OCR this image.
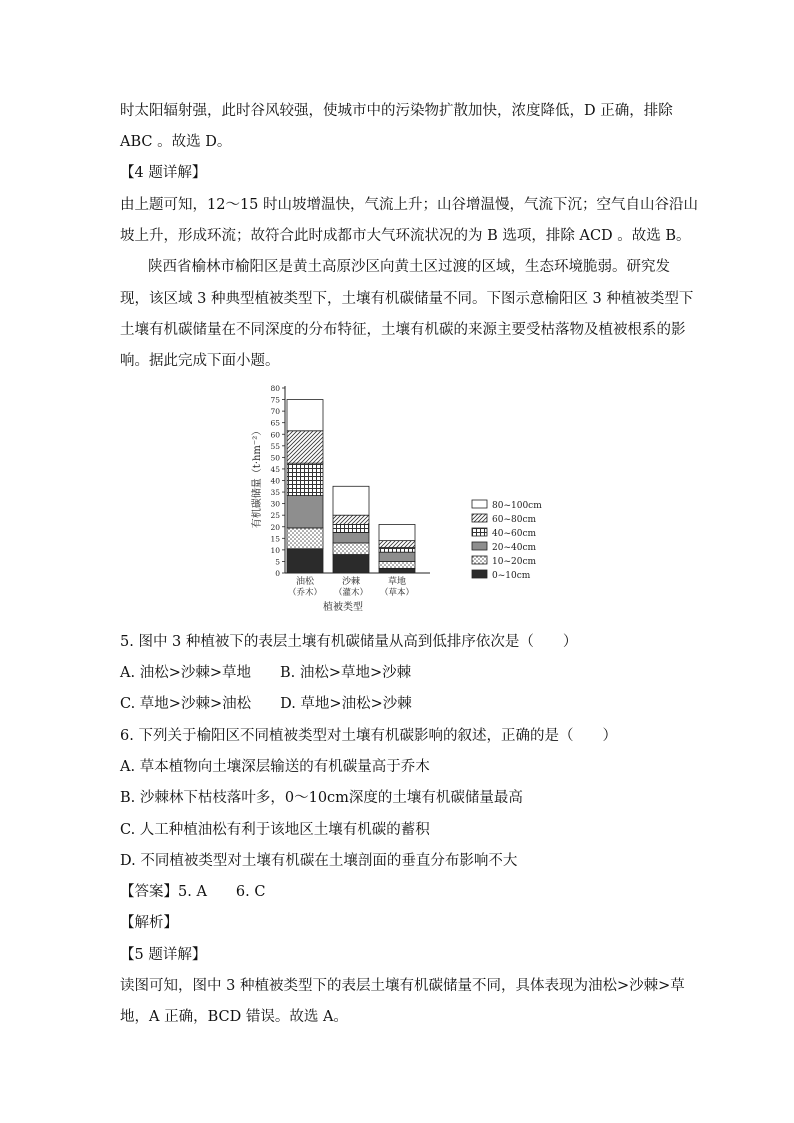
时太阳辐射强，此时谷风较强，使城市中的污染物扩散加快，浓度降低，D 正确，排除
ABC 。故选 D。
【4 题详解】
由上题可知，12～15 时山坡增温快，气流上升；山谷增温慢，气流下沉；空气自山谷沿山
坡上升，形成环流；故符合此时成都市大气环流状况的为 B 选项，排除 ACD 。故选 B。
陕西省榆林市榆阳区是黄土高原沙区向黄土区过渡的区域，生态环境脆弱。研究发
现，该区域 3 种典型植被类型下，土壤有机碳储量不同。下图示意榆阳区 3 种植被类型下
土壤有机碳储量在不同深度的分布特征，土壤有机碳的来源主要受枯落物及植被根系的影
响。据此完成下面小题。
0
5
10
15
20
25
30
35
40
45
50
55
60
65
70
75
80
油松
（乔木）
沙棘
（灌木）
草地
（草本）
80~100cm
60~80cm
40~60cm
20~40cm
10~20cm
0~10cm
有机碳储量（t·hm⁻²）
植被类型
5. 图中 3 种植被下的表层土壤有机碳储量从高到低排序依次是（　　）
A. 油松>沙棘>草地　　B. 油松>草地>沙棘
C. 草地>沙棘>油松　　D. 草地>油松>沙棘
6. 下列关于榆阳区不同植被类型对土壤有机碳影响的叙述，正确的是（　　）
A. 草本植物向土壤深层输送的有机碳量高于乔木
B. 沙棘林下枯枝落叶多，0～10cm深度的土壤有机碳储量最高
C. 人工种植油松有利于该地区土壤有机碳的蓄积
D. 不同植被类型对土壤有机碳在土壤剖面的垂直分布影响不大
【答案】5. A　　6. C
【解析】
【5 题详解】
读图可知，图中 3 种植被类型下的表层土壤有机碳储量不同，具体表现为油松>沙棘>草
地，A 正确，BCD 错误。故选 A。
